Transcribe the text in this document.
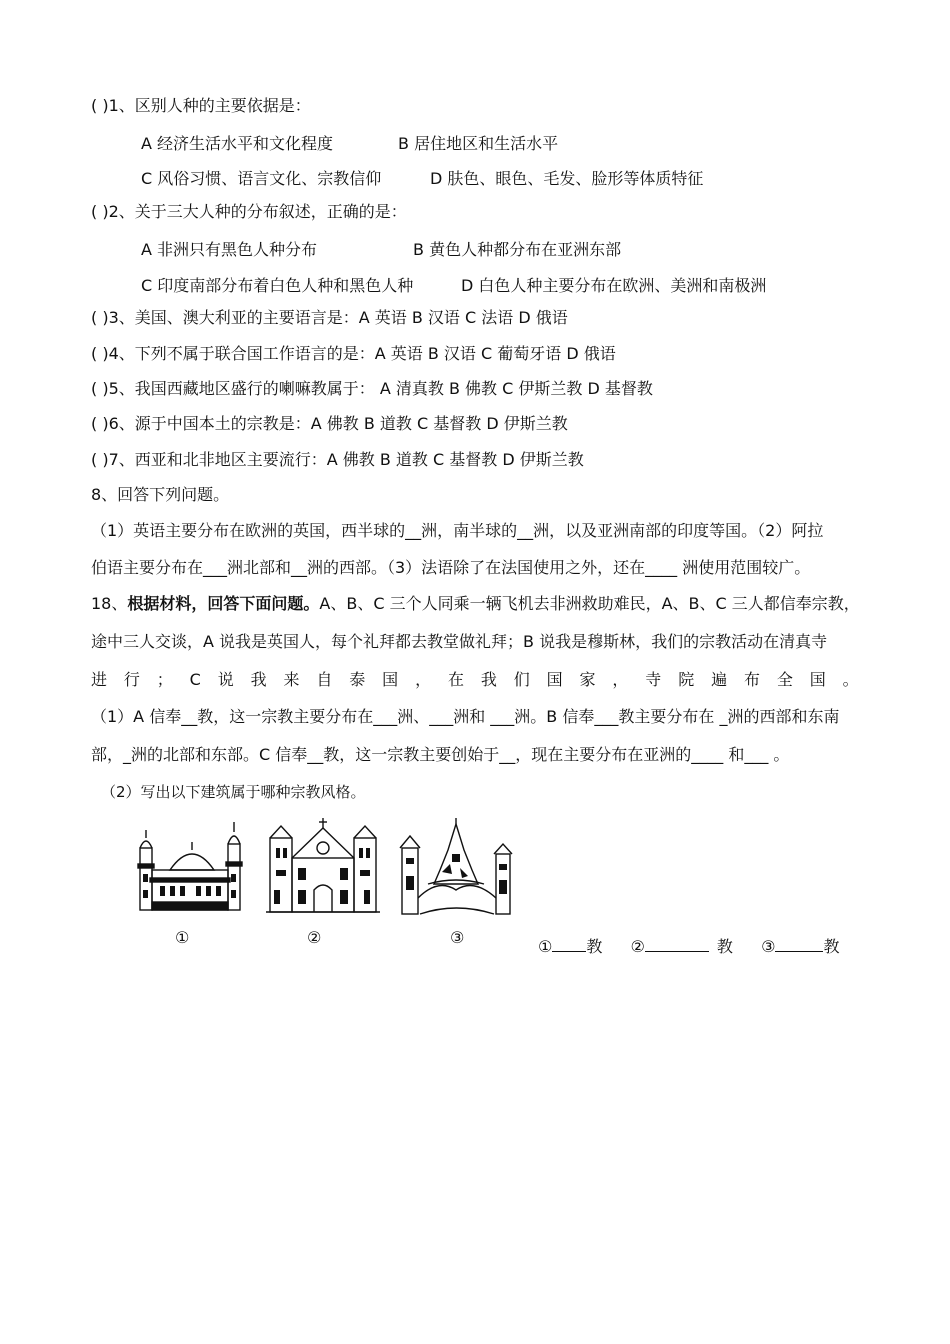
( )1、区别人种的主要依据是：
A 经济生活水平和文化程度	B 居住地区和生活水平
C 风俗习惯、语言文化、宗教信仰	D 肤色、眼色、毛发、脸形等体质特征
( )2、关于三大人种的分布叙述，正确的是：
A 非洲只有黑色人种分布	B 黄色人种都分布在亚洲东部
C 印度南部分布着白色人种和黑色人种	D 白色人种主要分布在欧洲、美洲和南极洲
( )3、美国、澳大利亚的主要语言是：A 英语 B 汉语 C 法语 D 俄语
( )4、下列不属于联合国工作语言的是：A 英语 B 汉语 C 葡萄牙语 D 俄语
( )5、我国西藏地区盛行的喇嘛教属于： A 清真教 B 佛教 C 伊斯兰教 D 基督教
( )6、源于中国本土的宗教是：A 佛教 B 道教 C 基督教 D 伊斯兰教
( )7、西亚和北非地区主要流行：A 佛教 B 道教 C 基督教 D 伊斯兰教
8、回答下列问题。
（1）英语主要分布在欧洲的英国，西半球的__洲，南半球的__洲，以及亚洲南部的印度等国。（2）阿拉
伯语主要分布在___洲北部和__洲的西部。（3）法语除了在法国使用之外，还在____ 洲使用范围较广。
18、根据材料，回答下面问题。A、B、C 三个人同乘一辆飞机去非洲救助难民，A、B、C 三人都信奉宗教，
途中三人交谈，A 说我是英国人，每个礼拜都去教堂做礼拜；B 说我是穆斯林，我们的宗教活动在清真寺
进 行 ； C 说 我 来 自 泰 国 ， 在 我 们 国 家 ， 寺 院 遍 布 全 国 。
（1）A 信奉__教，这一宗教主要分布在___洲、___洲和 ___洲。B 信奉___教主要分布在 _洲的西部和东南
部，_洲的北部和东部。C 信奉__教，这一宗教主要创始于__，现在主要分布在亚洲的____ 和___ 。
（2）写出以下建筑属于哪种宗教风格。
①	②	③	① 教 ②	教 ③	教
